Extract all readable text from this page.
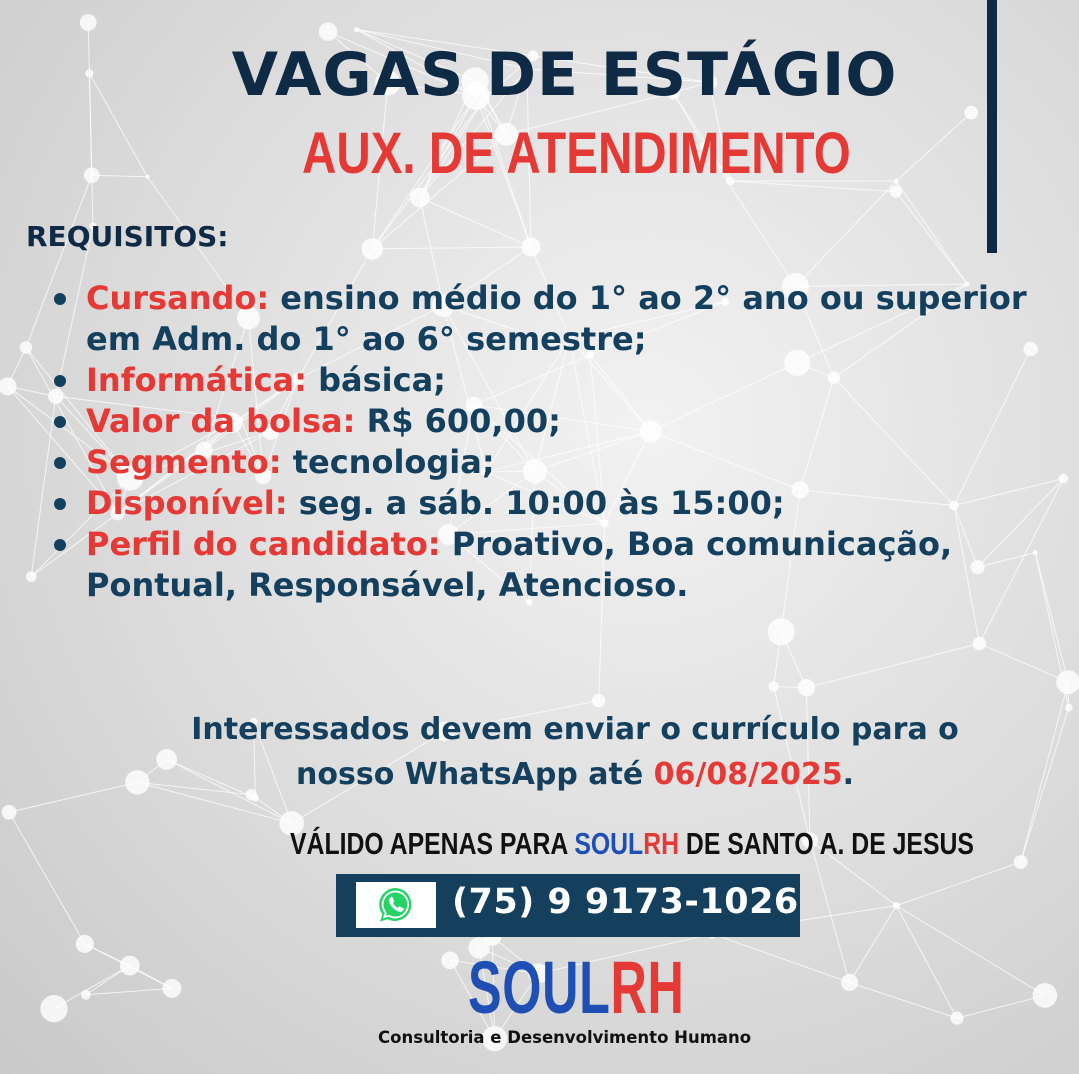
VAGAS DE ESTÁGIO
AUX. DE ATENDIMENTO
REQUISITOS:
Cursando: ensino médio do 1° ao 2° ano ou superior em Adm. do 1° ao 6° semestre;
Informática: básica;
Valor da bolsa: R$ 600,00;
Segmento: tecnologia;
Disponível: seg. a sáb. 10:00 às 15:00;
Perfil do candidato: Proativo, Boa comunicação, Pontual, Responsável, Atencioso.
Interessados devem enviar o currículo para o
nosso WhatsApp até 06/08/2025.
VÁLIDO APENAS PARA SOULRH DE SANTO A. DE JESUS
(75) 9 9173-1026
SOULRH
Consultoria e Desenvolvimento Humano
